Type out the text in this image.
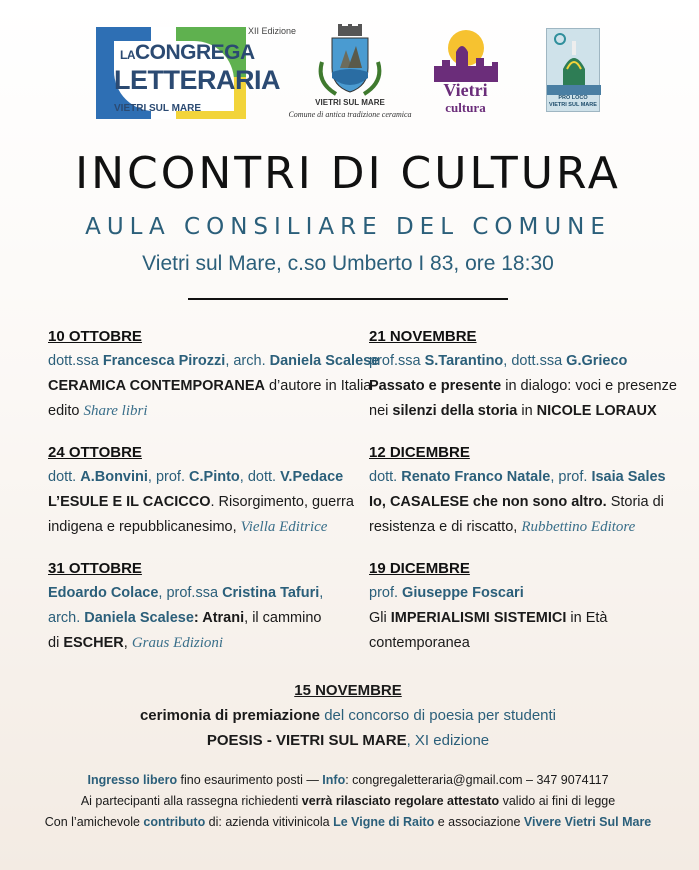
LACONGREGA
LETTERARIA
VIETRI SUL MARE
XII Edizione
VIETRI SUL MARE
Comune di antica tradizione ceramica
Vietri
cultura
PRO LOCO
VIETRI SUL MARE
INCONTRI DI CULTURA
AULA CONSILIARE DEL COMUNE
Vietri sul Mare, c.so Umberto I 83, ore 18:30
10 OTTOBRE
dott.ssa Francesca Pirozzi, arch. Daniela Scalese
CERAMICA CONTEMPORANEA d’autore in Italia
edito Share libri
24 OTTOBRE
dott. A.Bonvini, prof. C.Pinto, dott. V.Pedace
L’ESULE E IL CACICCO. Risorgimento, guerra
indigena e repubblicanesimo, Viella Editrice
31 OTTOBRE
Edoardo Colace, prof.ssa Cristina Tafuri,
arch. Daniela Scalese: Atrani, il cammino
di ESCHER, Graus Edizioni
21 NOVEMBRE
prof.ssa S.Tarantino, dott.ssa G.Grieco
Passato e presente in dialogo: voci e presenze
nei silenzi della storia in NICOLE LORAUX
12 DICEMBRE
dott. Renato Franco Natale, prof. Isaia Sales
Io, CASALESE che non sono altro. Storia di
resistenza e di riscatto, Rubbettino Editore
19 DICEMBRE
prof. Giuseppe Foscari
Gli IMPERIALISMI SISTEMICI in Età
contemporanea
15 NOVEMBRE
cerimonia di premiazione del concorso di poesia per studenti
POESIS - VIETRI SUL MARE, XI edizione
Ingresso libero fino esaurimento posti — Info: congregaletteraria@gmail.com – 347 9074117
Ai partecipanti alla rassegna richiedenti verrà rilasciato regolare attestato valido ai fini di legge
Con l’amichevole contributo di: azienda vitivinicola Le Vigne di Raito e associazione Vivere Vietri Sul Mare
